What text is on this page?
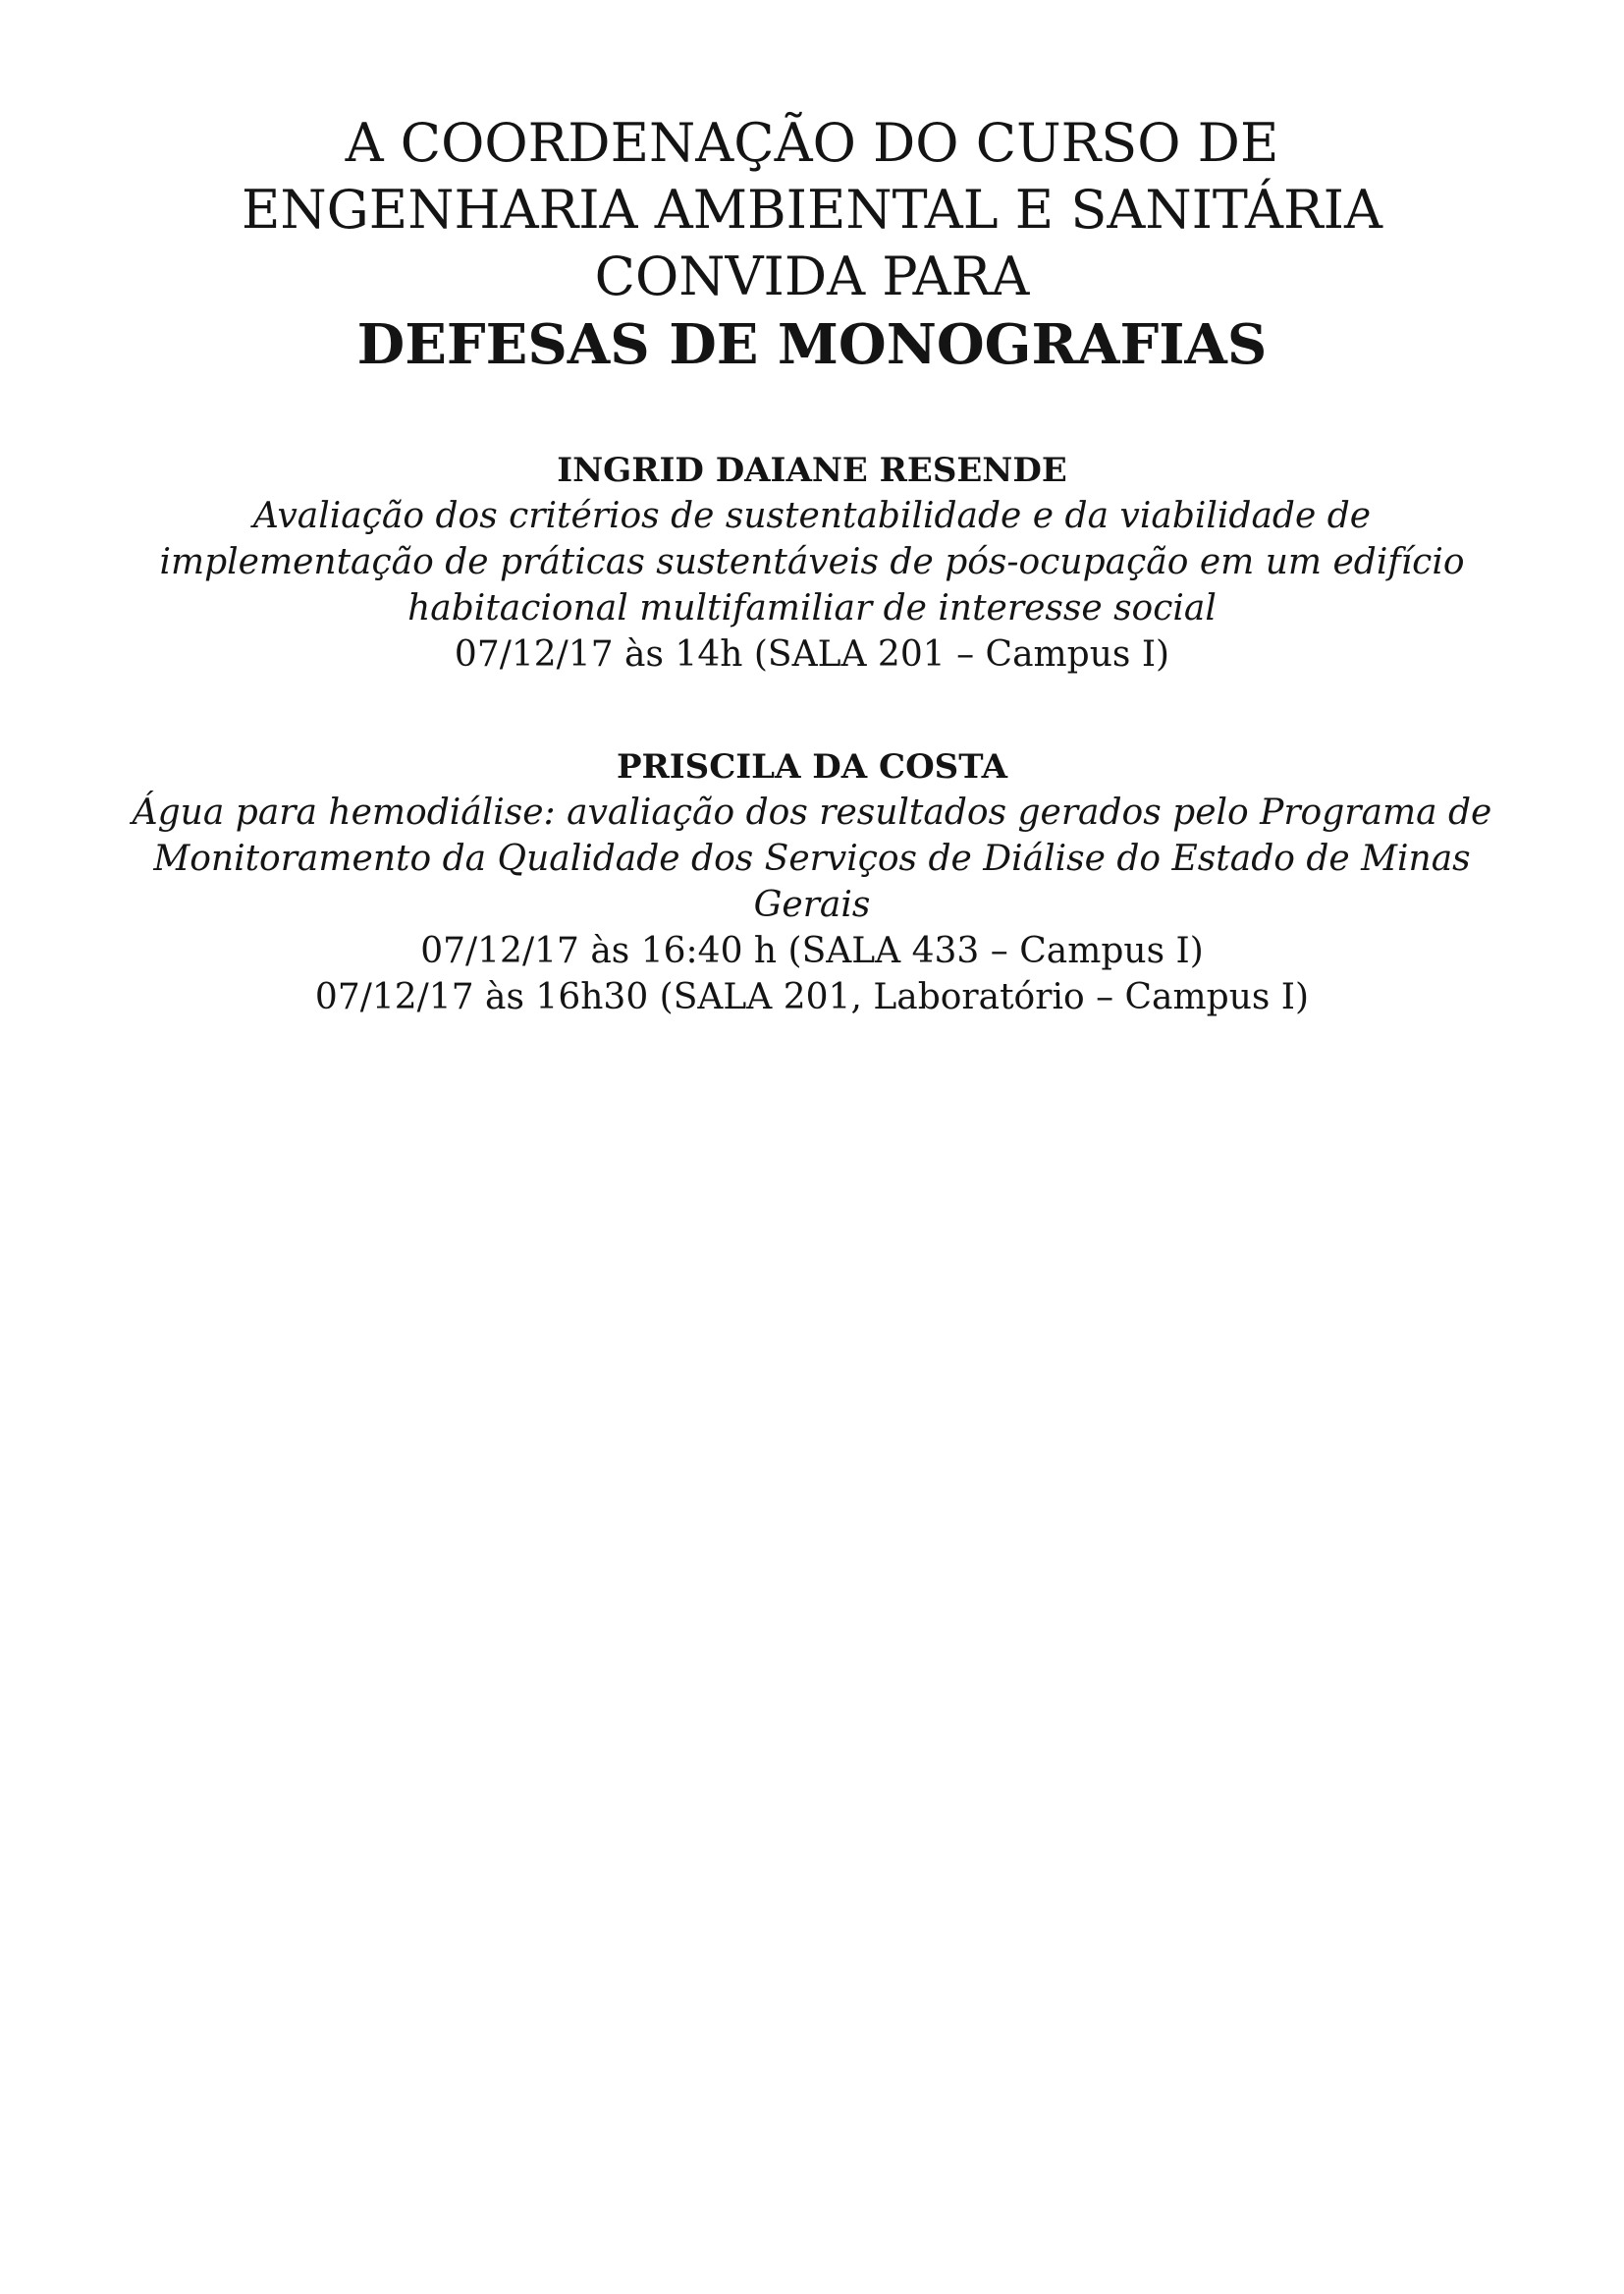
A COORDENAÇÃO DO CURSO DE
ENGENHARIA AMBIENTAL E SANITÁRIA
CONVIDA PARA
DEFESAS DE MONOGRAFIAS
INGRID DAIANE RESENDE
Avaliação dos critérios de sustentabilidade e da viabilidade de
implementação de práticas sustentáveis de pós-ocupação em um edifício
habitacional multifamiliar de interesse social
07/12/17 às 14h (SALA 201 – Campus I)
PRISCILA DA COSTA
Água para hemodiálise: avaliação dos resultados gerados pelo Programa de
Monitoramento da Qualidade dos Serviços de Diálise do Estado de Minas
Gerais
07/12/17 às 16:40 h (SALA 433 – Campus I)
07/12/17 às 16h30 (SALA 201, Laboratório – Campus I)
